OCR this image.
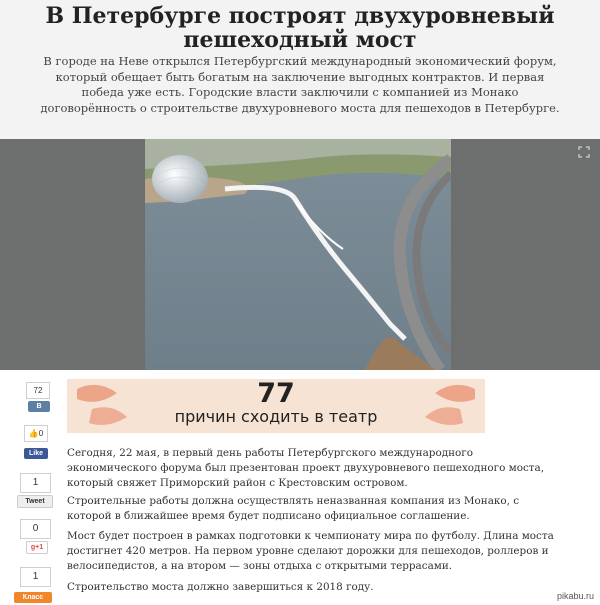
В Петербурге построят двухуровневый пешеходный мост
В городе на Неве открылся Петербургский международный экономический форум, который обещает быть богатым на заключение выгодных контрактов. И первая победа уже есть. Городские власти заключили с компанией из Монако договорённость о строительстве двухуровневого моста для пешеходов в Петербурге.
72
В
👍0
Like
1
Tweet
0
g+1
1
Класс
77
причин сходить в театр
Сегодня, 22 мая, в первый день работы Петербургского международного экономического форума был презентован проект двухуровневого пешеходного моста, который свяжет Приморский район с Крестовским островом.
Строительные работы должна осуществлять неназванная компания из Монако, с которой в ближайшее время будет подписано официальное соглашение.
Мост будет построен в рамках подготовки к чемпионату мира по футболу. Длина моста достигнет 420 метров. На первом уровне сделают дорожки для пешеходов, роллеров и велосипедистов, а на втором — зоны отдыха с открытыми террасами.
Строительство моста должно завершиться к 2018 году.
pikabu.ru
